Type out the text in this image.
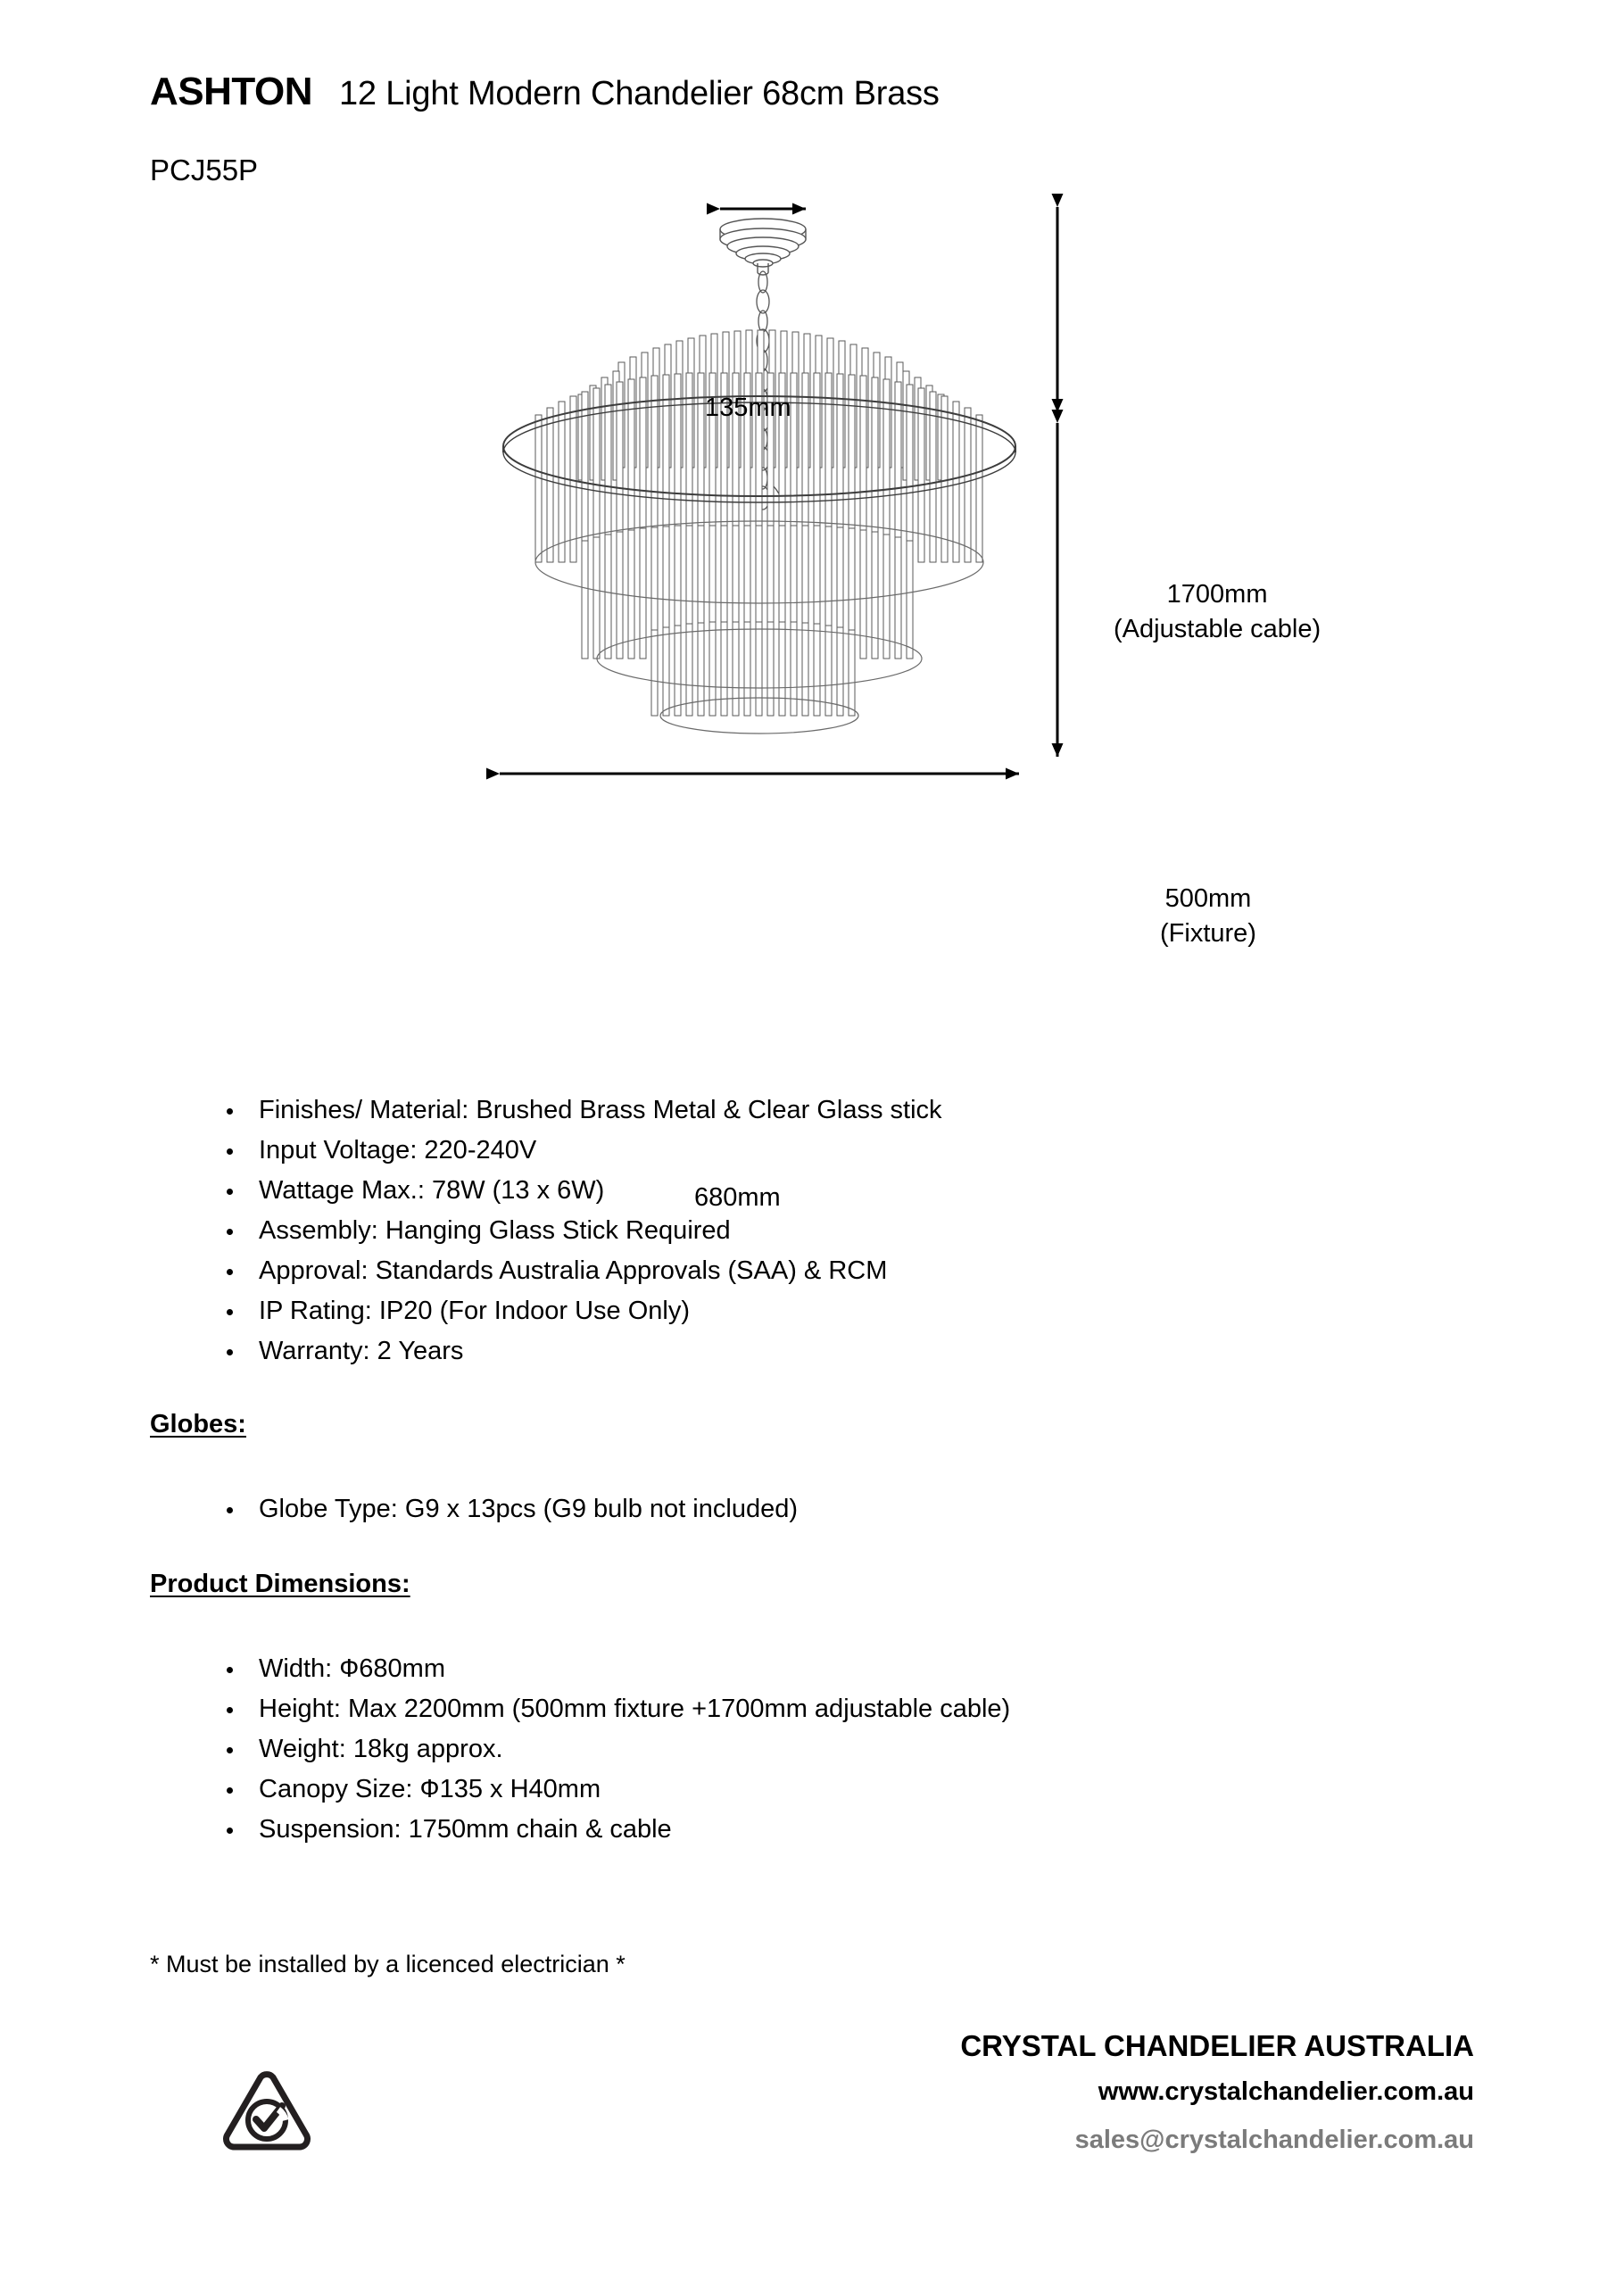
ASHTON 12 Light Modern Chandelier 68cm Brass
PCJ55P
135mm
1700mm
(Adjustable cable)
500mm
(Fixture)
680mm
Finishes/ Material: Brushed Brass Metal & Clear Glass stick
Input Voltage: 220-240V
Wattage Max.: 78W (13 x 6W)
Assembly: Hanging Glass Stick Required
Approval: Standards Australia Approvals (SAA) & RCM
IP Rating: IP20 (For Indoor Use Only)
Warranty: 2 Years
Globes:
Globe Type: G9 x 13pcs (G9 bulb not included)
Product Dimensions:
Width: Ф680mm
Height: Max 2200mm (500mm fixture +1700mm adjustable cable)
Weight: 18kg approx.
Canopy Size: Ф135 x H40mm
Suspension: 1750mm chain & cable
* Must be installed by a licenced electrician *
CRYSTAL CHANDELIER AUSTRALIA
www.crystalchandelier.com.au
sales@crystalchandelier.com.au
